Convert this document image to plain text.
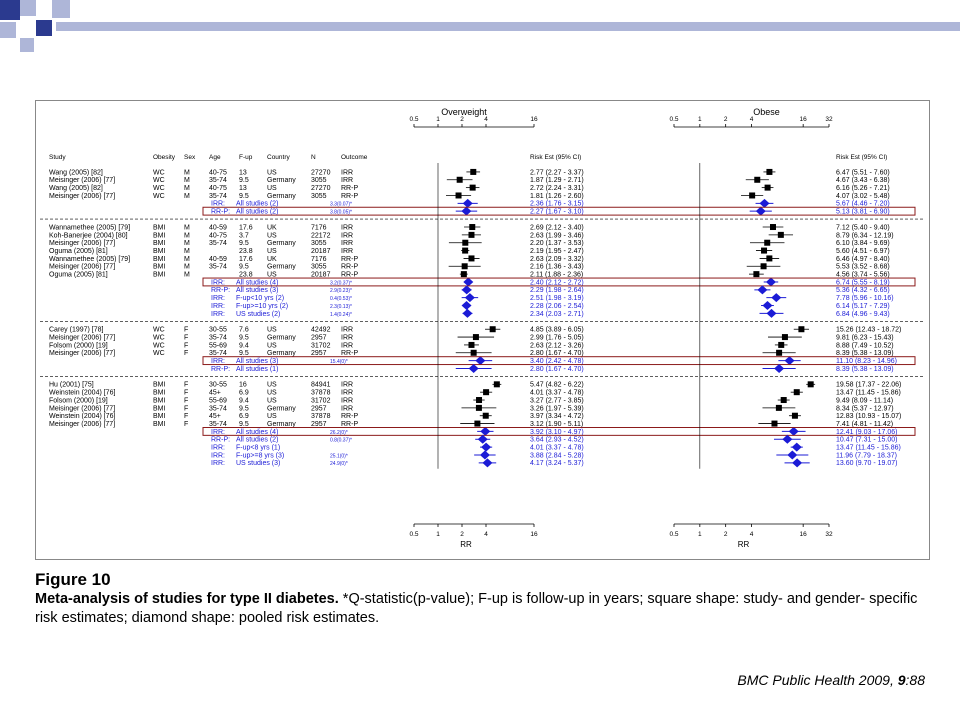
Study	Obesity Sex Age	F-up Country	N	Outcome	Risk Est (95% CI)	Risk Est (95% CI)
Overweight
0.5	1	2	4	16
0.5	1	2	4	16
RR
Obese
0.5	1	2	4	16	32
0.5	1	2	4	16	32
RR
Wang (2005) [82]	WC	M	40-75 13	US	27270 IRR	2.77 (2.27 - 3.37)	6.47 (5.51 - 7.60)
Meisinger (2006) [77]	WC	M	35-74 9.5	Germany 3055 IRR	1.87 (1.29 - 2.71)	4.67 (3.43 - 6.38)
Wang (2005) [82]	WC	M	40-75 13	US	27270 RR-P	2.72 (2.24 - 3.31)	6.16 (5.26 - 7.21)
Meisinger (2006) [77]	WC	M	35-74 9.5	Germany 3055 RR-P	1.81 (1.26 - 2.60)	4.07 (3.02 - 5.48)
IRR: All studies (2)	3.3(0.07)*	2.36 (1.76 - 3.15)	5.67 (4.46 - 7.20)
RR-P: All studies (2)	3.8(0.05)*	2.27 (1.67 - 3.10)	5.13 (3.81 - 6.90)
Wannamethee (2005) [79]	BMI	M	40-59 17.6 UK	7176 IRR	2.69 (2.12 - 3.40)	7.12 (5.40 - 9.40)
Koh-Banerjee (2004) [80]	BMI	M	40-75 3.7	US	22172 IRR	2.63 (1.99 - 3.46)	8.79 (6.34 - 12.19)
Meisinger (2006) [77]	BMI	M	35-74 9.5	Germany 3055 IRR	2.20 (1.37 - 3.53)	6.10 (3.84 - 9.69)
Oguma (2005) [81]	BMI	M	23.8 US	20187 IRR	2.19 (1.95 - 2.47)	5.60 (4.51 - 6.97)
Wannamethee (2005) [79]	BMI	M	40-59 17.6 UK	7176 RR-P	2.63 (2.09 - 3.32)	6.46 (4.97 - 8.40)
Meisinger (2006) [77]	BMI	M	35-74 9.5	Germany 3055 RR-P	2.16 (1.36 - 3.43)	5.53 (3.52 - 8.68)
Oguma (2005) [81]	BMI	M	23.8 US	20187 RR-P	2.11 (1.88 - 2.36)	4.56 (3.74 - 5.56)
IRR: All studies (4)	3.2(0.37)*	2.40 (2.12 - 2.72)	6.74 (5.55 - 8.19)
RR-P: All studies (3)	2.9(0.23)*	2.29 (1.98 - 2.64)	5.36 (4.32 - 6.65)
IRR: F-up<10 yrs (2)	0.4(0.53)*	2.51 (1.98 - 3.19)	7.78 (5.96 - 10.16)
IRR: F-up>=10 yrs (2)	2.3(0.13)*	2.28 (2.06 - 2.54)	6.14 (5.17 - 7.29)
IRR: US studies (2)	1.4(0.24)*	2.34 (2.03 - 2.71)	6.84 (4.96 - 9.43)
Carey (1997) [78]	WC	F	30-55 7.6	US	42492 IRR	4.85 (3.89 - 6.05)	15.26 (12.43 - 18.72)
Meisinger (2006) [77]	WC	F	35-74 9.5	Germany 2957 IRR	2.99 (1.76 - 5.05)	9.81 (6.23 - 15.43)
Folsom (2000) [19]	WC	F	55-69 9.4	US	31702 IRR	2.63 (2.12 - 3.26)	8.88 (7.49 - 10.52)
Meisinger (2006) [77]	WC	F	35-74 9.5	Germany 2957 RR-P	2.80 (1.67 - 4.70)	8.39 (5.38 - 13.09)
IRR: All studies (3)	15.4(0)*	3.40 (2.42 - 4.78)	11.10 (8.23 - 14.96)
RR-P: All studies (1)	2.80 (1.67 - 4.70)	8.39 (5.38 - 13.09)
Hu (2001) [75]	BMI	F	30-55 16	US	84941 IRR	5.47 (4.82 - 6.22)	19.58 (17.37 - 22.06)
Weinstein (2004) [76]	BMI	F	45+	6.9	US	37878 IRR	4.01 (3.37 - 4.78)	13.47 (11.45 - 15.86)
Folsom (2000) [19]	BMI	F	55-69 9.4	US	31702 IRR	3.27 (2.77 - 3.85)	9.49 (8.09 - 11.14)
Meisinger (2006) [77]	BMI	F	35-74 9.5	Germany 2957 IRR	3.26 (1.97 - 5.39)	8.34 (5.37 - 12.97)
Weinstein (2004) [76]	BMI	F	45+	6.9	US	37878 RR-P	3.97 (3.34 - 4.72)	12.83 (10.93 - 15.07)
Meisinger (2006) [77]	BMI	F	35-74 9.5	Germany 2957 RR-P	3.12 (1.90 - 5.11)	7.41 (4.81 - 11.42)
IRR: All studies (4)	26.2(0)*	3.92 (3.10 - 4.97)	12.41 (9.03 - 17.06)
RR-P: All studies (2)	0.8(0.37)*	3.64 (2.93 - 4.52)	10.47 (7.31 - 15.00)
IRR: F-up<8 yrs (1)	4.01 (3.37 - 4.78)	13.47 (11.45 - 15.86)
IRR: F-up>=8 yrs (3)	25.1(0)*	3.88 (2.84 - 5.28)	11.96 (7.79 - 18.37)
IRR: US studies (3)	24.9(0)*	4.17 (3.24 - 5.37)	13.60 (9.70 - 19.07)
Figure 10
Meta-analysis of studies for type II diabetes. *Q-statistic(p-value); F-up is follow-up in years; square shape: study- and gender- specific risk estimates; diamond shape: pooled risk estimates.
BMC Public Health 2009, 9:88
